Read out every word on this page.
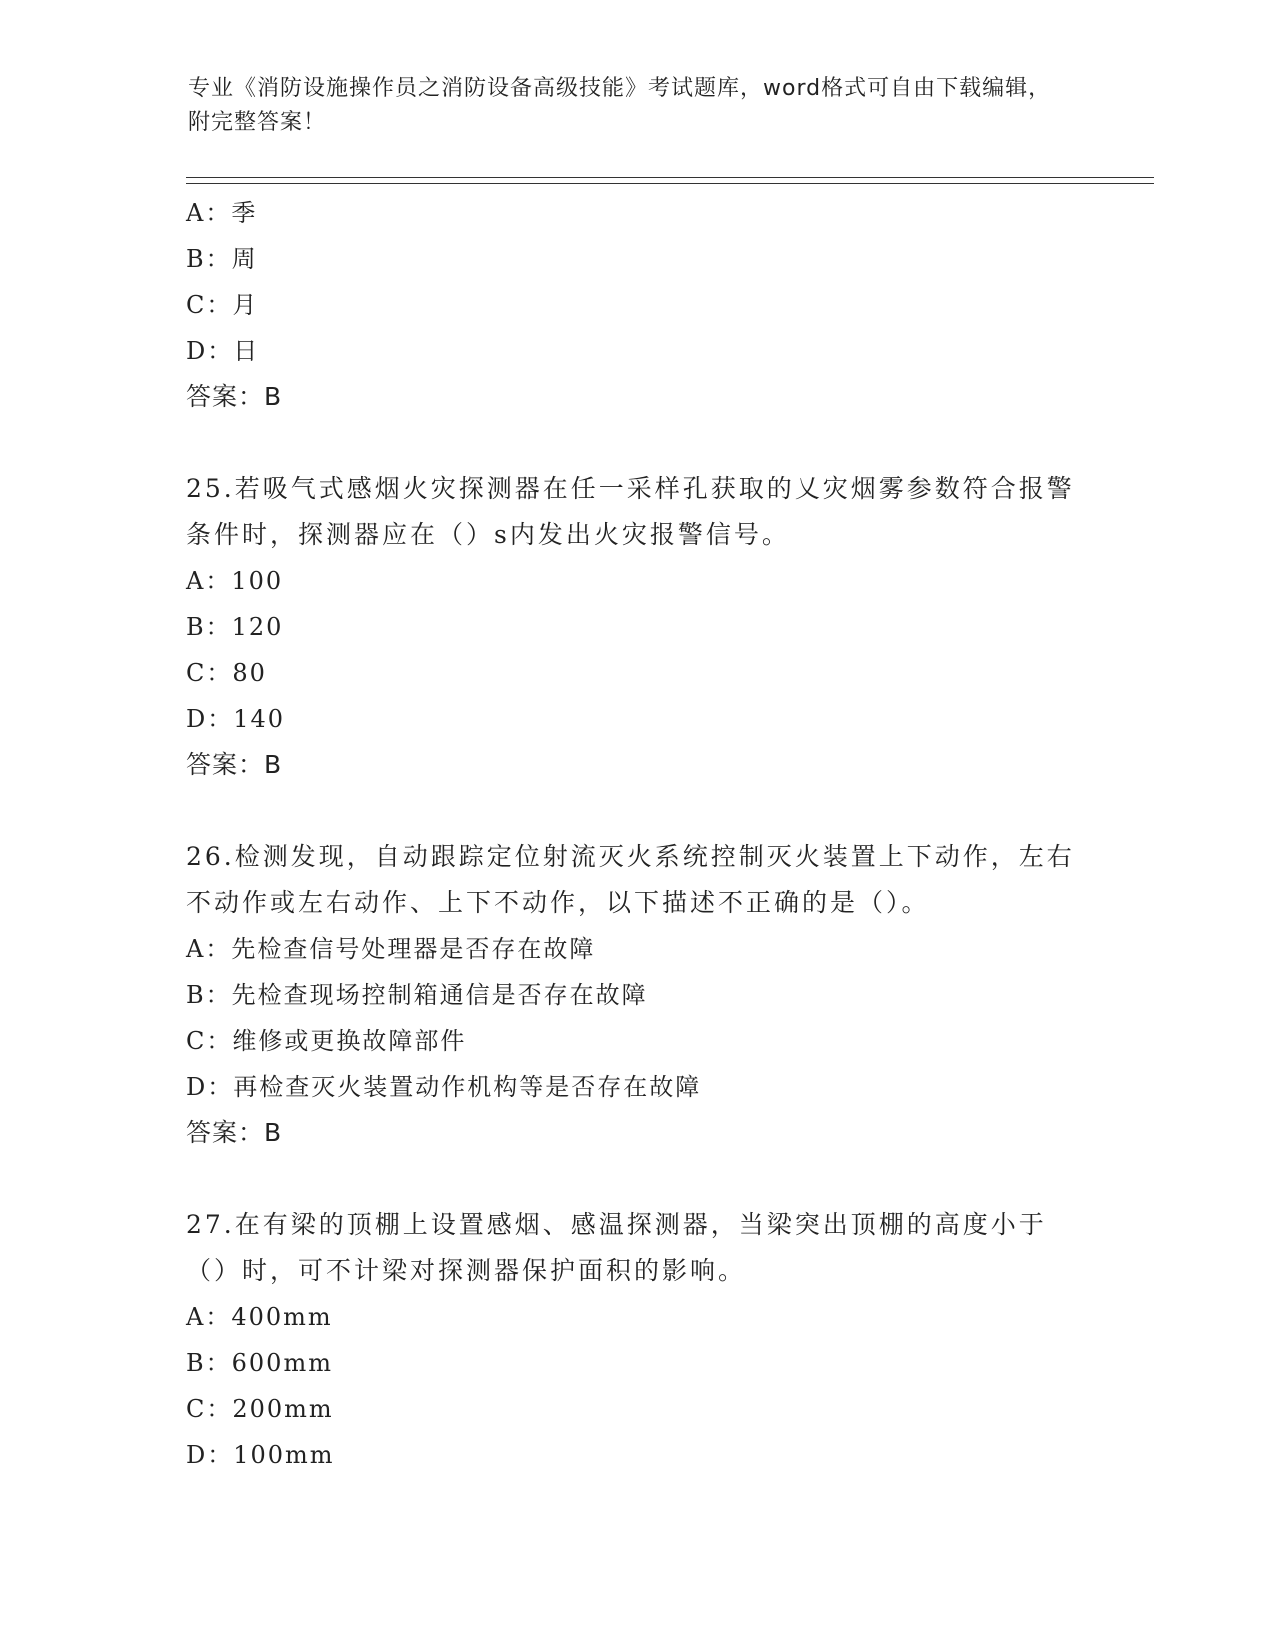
专业《消防设施操作员之消防设备高级技能》考试题库，word格式可自由下载编辑，附完整答案！
A：季
B：周
C：月
D：日
答案：B
25.若吸气式感烟火灾探测器在任一采样孔获取的乂灾烟雾参数符合报警条件时，探测器应在（）s内发出火灾报警信号。
A：100
B：120
C：80
D：140
答案：B
26.检测发现，自动跟踪定位射流灭火系统控制灭火装置上下动作，左右不动作或左右动作、上下不动作，以下描述不正确的是（）。
A：先检查信号处理器是否存在故障
B：先检查现场控制箱通信是否存在故障
C：维修或更换故障部件
D：再检查灭火装置动作机构等是否存在故障
答案：B
27.在有梁的顶棚上设置感烟、感温探测器，当梁突出顶棚的高度小于（）时，可不计梁对探测器保护面积的影响。
A：400mm
B：600mm
C：200mm
D：100mm
